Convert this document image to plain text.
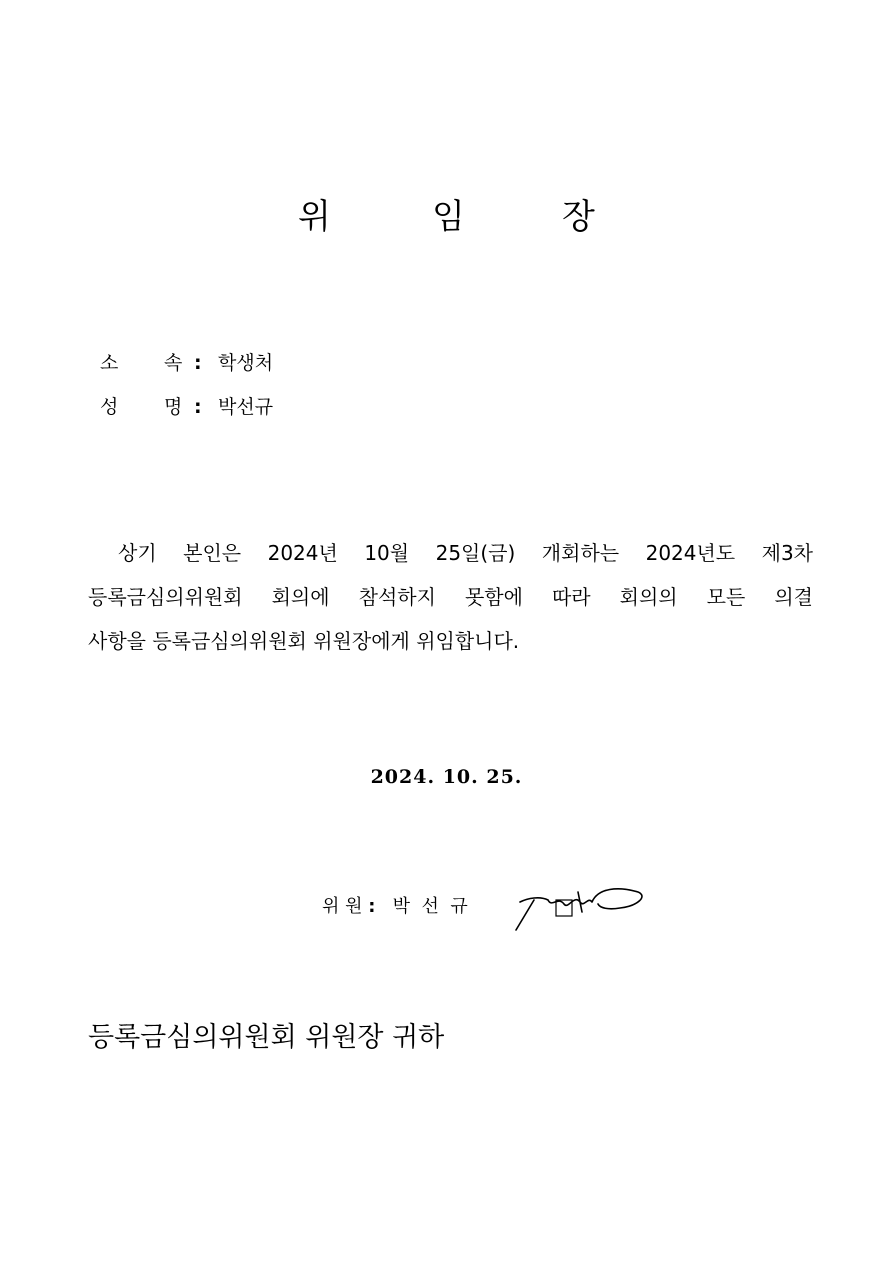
위	임	장
소 속 : 학생처
성 명 : 박선규
상기 본인은 2024년 10월 25일(금) 개회하는 2024년도 제3차
등록금심의위원회 회의에 참석하지 못함에 따라 회의의 모든 의결
사항을 등록금심의위원회 위원장에게 위임합니다.
2024. 10. 25.
위 원 : 박 선 규
등록금심의위원회 위원장 귀하
